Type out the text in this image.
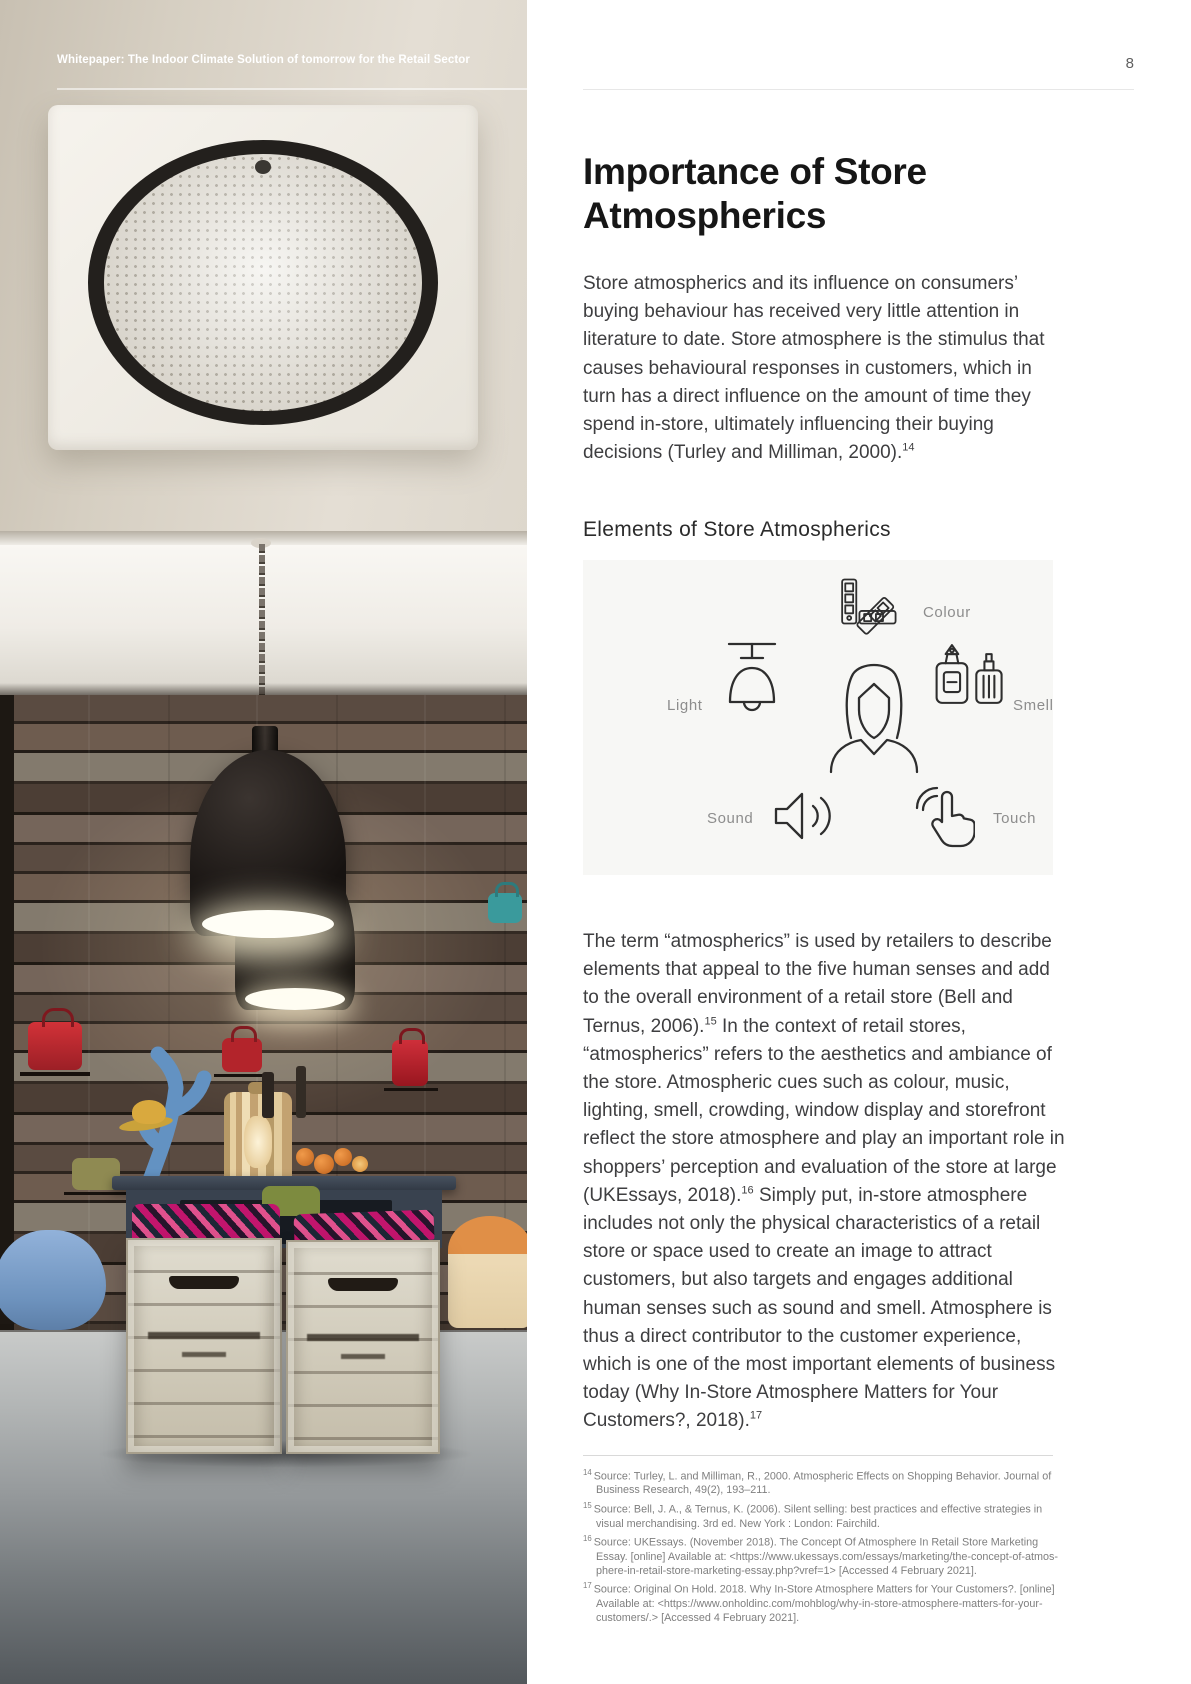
Whitepaper: The Indoor Climate Solution of tomorrow for the Retail Sector	8
Importance of Store Atmospherics

Store atmospherics and its influence on consumers’ buying behaviour has received very little attention in literature to date. Store atmosphere is the stimulus that causes behavioural responses in customers, which in turn has a direct influence on the amount of time they spend in-store, ultimately influencing their buying decisions (Turley and Milliman, 2000).$^{14}$

Elements of Store Atmospherics
Colour
Light	Smell
Sound	Touch

The term “atmospherics” is used by retailers to describe elements that appeal to the five human senses and add to the overall environment of a retail store (Bell and Ternus, 2006).$^{15}$ In the context of retail stores, “atmospherics” refers to the aesthetics and ambiance of the store. Atmospheric cues such as colour, music, lighting, smell, crowding, window display and storefront reflect the store atmosphere and play an important role in shoppers’ perception and evaluation of the store at large (UKEssays, 2018).$^{16}$ Simply put, in-store atmosphere includes not only the physical characteristics of a retail store or space used to create an image to attract customers, but also targets and engages additional human senses such as sound and smell. Atmosphere is thus a direct contributor to the customer experience, which is one of the most important elements of business today (Why In-Store Atmosphere Matters for Your Customers?, 2018).$^{17}$

$^{14}$ Source: Turley, L. and Milliman, R., 2000. Atmospheric Effects on Shopping Behavior. Journal of Business Research, 49(2), 193–211.
$^{15}$ Source: Bell, J. A., & Ternus, K. (2006). Silent selling: best practices and effective strategies in visual merchandising. 3rd ed. New York : London: Fairchild.
$^{16}$ Source: UKEssays. (November 2018). The Concept Of Atmosphere In Retail Store Marketing Essay. [online] Available at: <https://www.ukessays.com/essays/marketing/the-concept-of-atmos-phere-in-retail-store-marketing-essay.php?vref=1> [Accessed 4 February 2021].
$^{17}$ Source: Original On Hold. 2018. Why In-Store Atmosphere Matters for Your Customers?. [online] Available at: <https://www.onholdinc.com/mohblog/why-in-store-atmosphere-matters-for-your-customers/.> [Accessed 4 February 2021].
